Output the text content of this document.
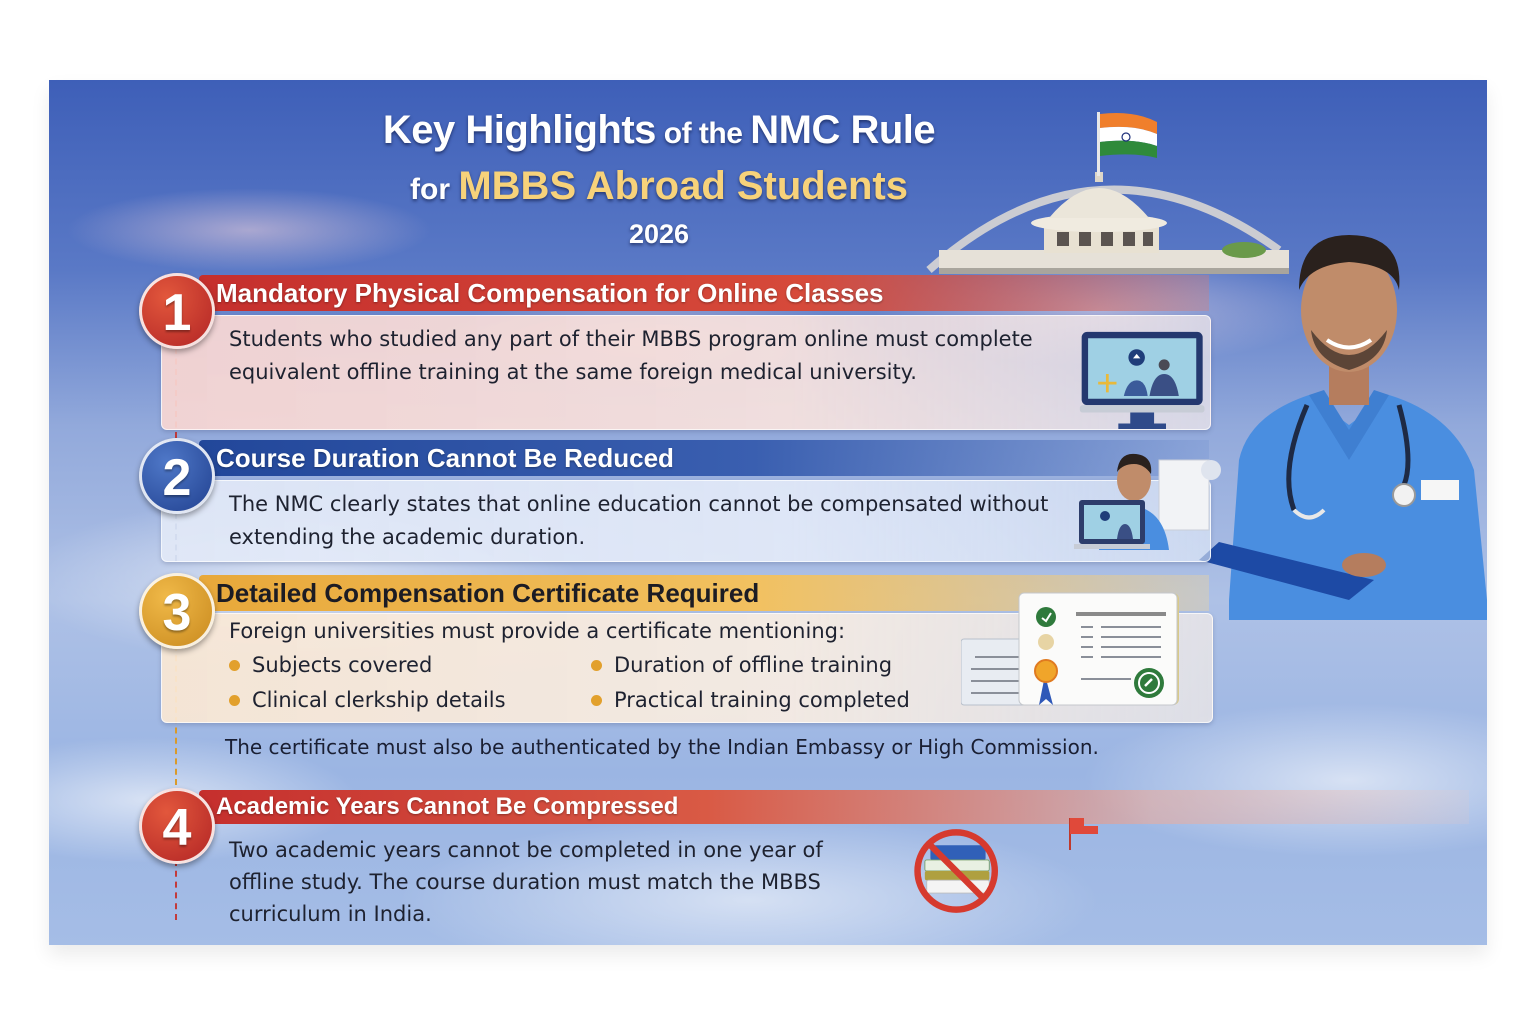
Key Highlights of the NMC Rule
for MBBS Abroad Students
2026
Mandatory Physical Compensation for Online Classes
1	Students who studied any part of their MBBS program online must complete equivalent offline training at the same foreign medical university.
Course Duration Cannot Be Reduced
2	The NMC clearly states that online education cannot be compensated without extending the academic duration.
Detailed Compensation Certificate Required
3	Foreign universities must provide a certificate mentioning:
Subjects covered	Duration of offline training
Clinical clerkship details	Practical training completed
The certificate must also be authenticated by the Indian Embassy or High Commission.
Academic Years Cannot Be Compressed
4	Two academic years cannot be completed in one year of offline study. The course duration must match the MBBS curriculum in India.
